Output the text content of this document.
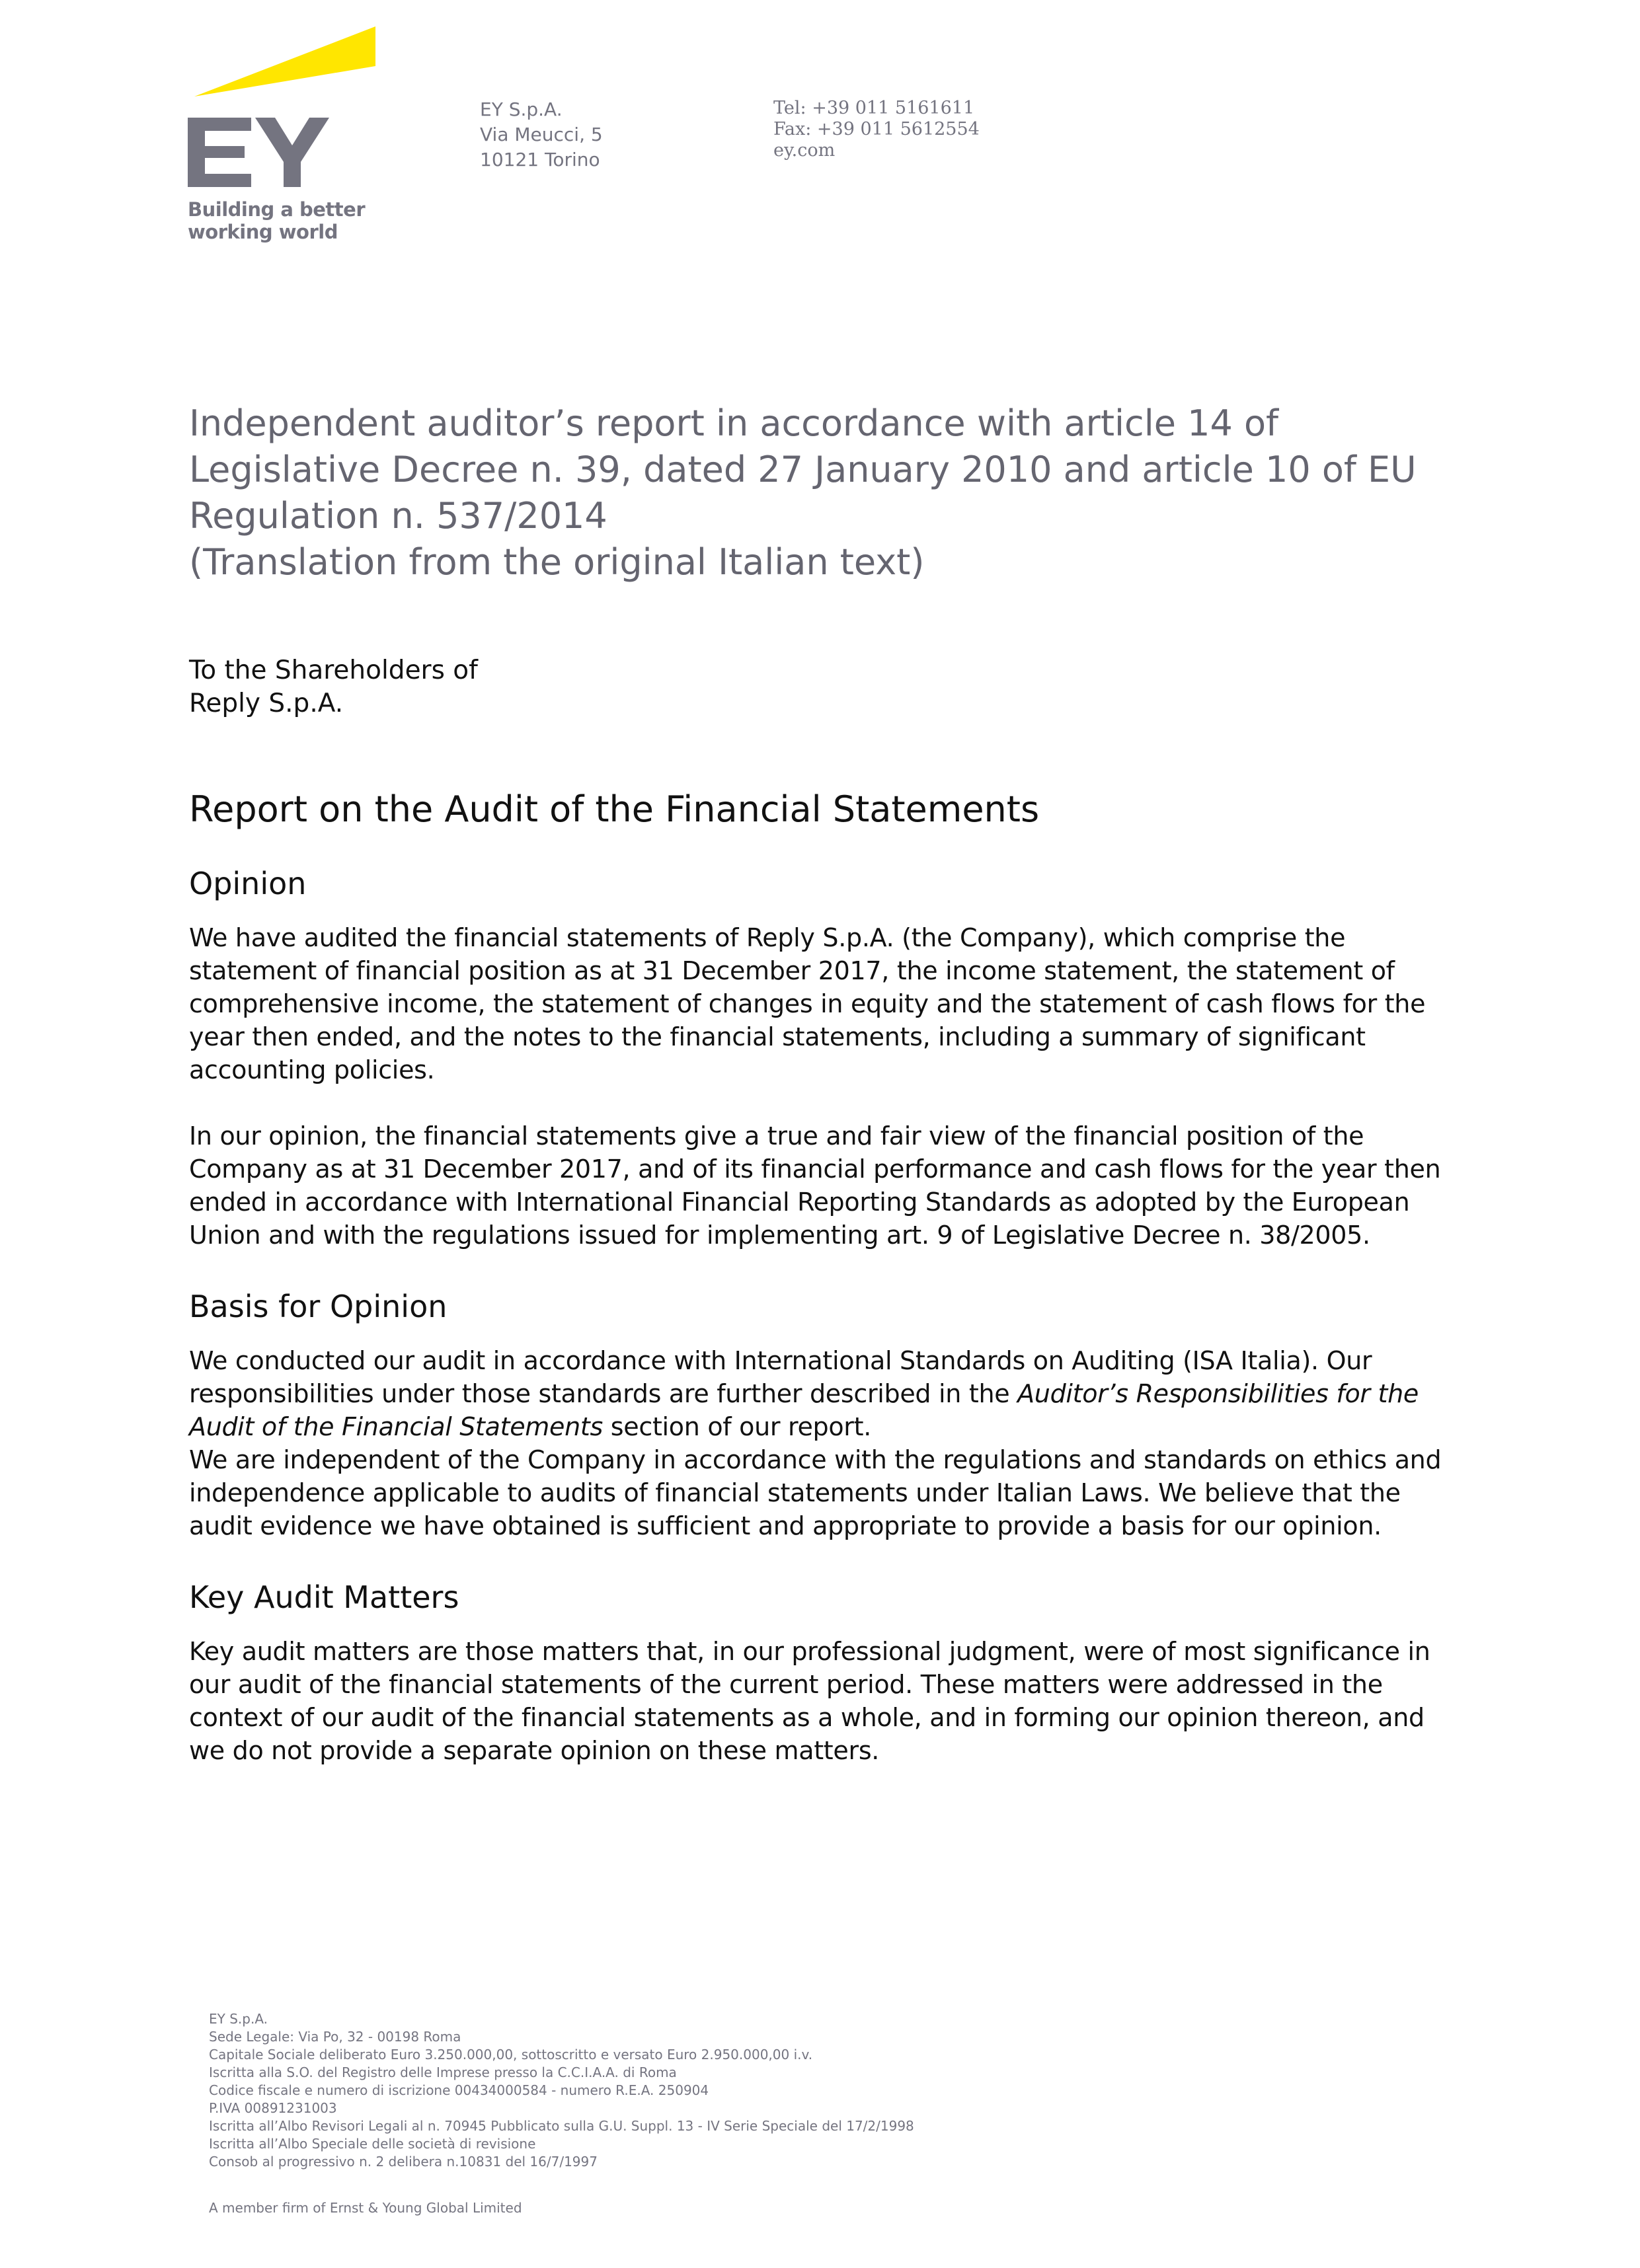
Building a better
working world
EY S.p.A.
Via Meucci, 5
10121 Torino
Tel: +39 011 5161611
Fax: +39 011 5612554
ey.com
Independent auditor’s report in accordance with article 14 of
Legislative Decree n. 39, dated 27 January 2010 and article 10 of EU
Regulation n. 537/2014
(Translation from the original Italian text)
To the Shareholders of
Reply S.p.A.
Report on the Audit of the Financial Statements
Opinion

We have audited the financial statements of Reply S.p.A. (the Company), which comprise the
statement of financial position as at 31 December 2017, the income statement, the statement of
comprehensive income, the statement of changes in equity and the statement of cash flows for the
year then ended, and the notes to the financial statements, including a summary of significant
accounting policies.

In our opinion, the financial statements give a true and fair view of the financial position of the
Company as at 31 December 2017, and of its financial performance and cash flows for the year then
ended in accordance with International Financial Reporting Standards as adopted by the European
Union and with the regulations issued for implementing art. 9 of Legislative Decree n. 38/2005.

Basis for Opinion

We conducted our audit in accordance with International Standards on Auditing (ISA Italia). Our
responsibilities under those standards are further described in the Auditor’s Responsibilities for the
Audit of the Financial Statements section of our report.
We are independent of the Company in accordance with the regulations and standards on ethics and
independence applicable to audits of financial statements under Italian Laws. We believe that the
audit evidence we have obtained is sufficient and appropriate to provide a basis for our opinion.

Key Audit Matters

Key audit matters are those matters that, in our professional judgment, were of most significance in
our audit of the financial statements of the current period. These matters were addressed in the
context of our audit of the financial statements as a whole, and in forming our opinion thereon, and
we do not provide a separate opinion on these matters.

EY S.p.A.
Sede Legale: Via Po, 32 - 00198 Roma
Capitale Sociale deliberato Euro 3.250.000,00, sottoscritto e versato Euro 2.950.000,00 i.v.
Iscritta alla S.O. del Registro delle Imprese presso la C.C.I.A.A. di Roma
Codice fiscale e numero di iscrizione 00434000584 - numero R.E.A. 250904
P.IVA 00891231003
Iscritta all’Albo Revisori Legali al n. 70945 Pubblicato sulla G.U. Suppl. 13 - IV Serie Speciale del 17/2/1998
Iscritta all’Albo Speciale delle società di revisione
Consob al progressivo n. 2 delibera n.10831 del 16/7/1997
A member firm of Ernst & Young Global Limited
